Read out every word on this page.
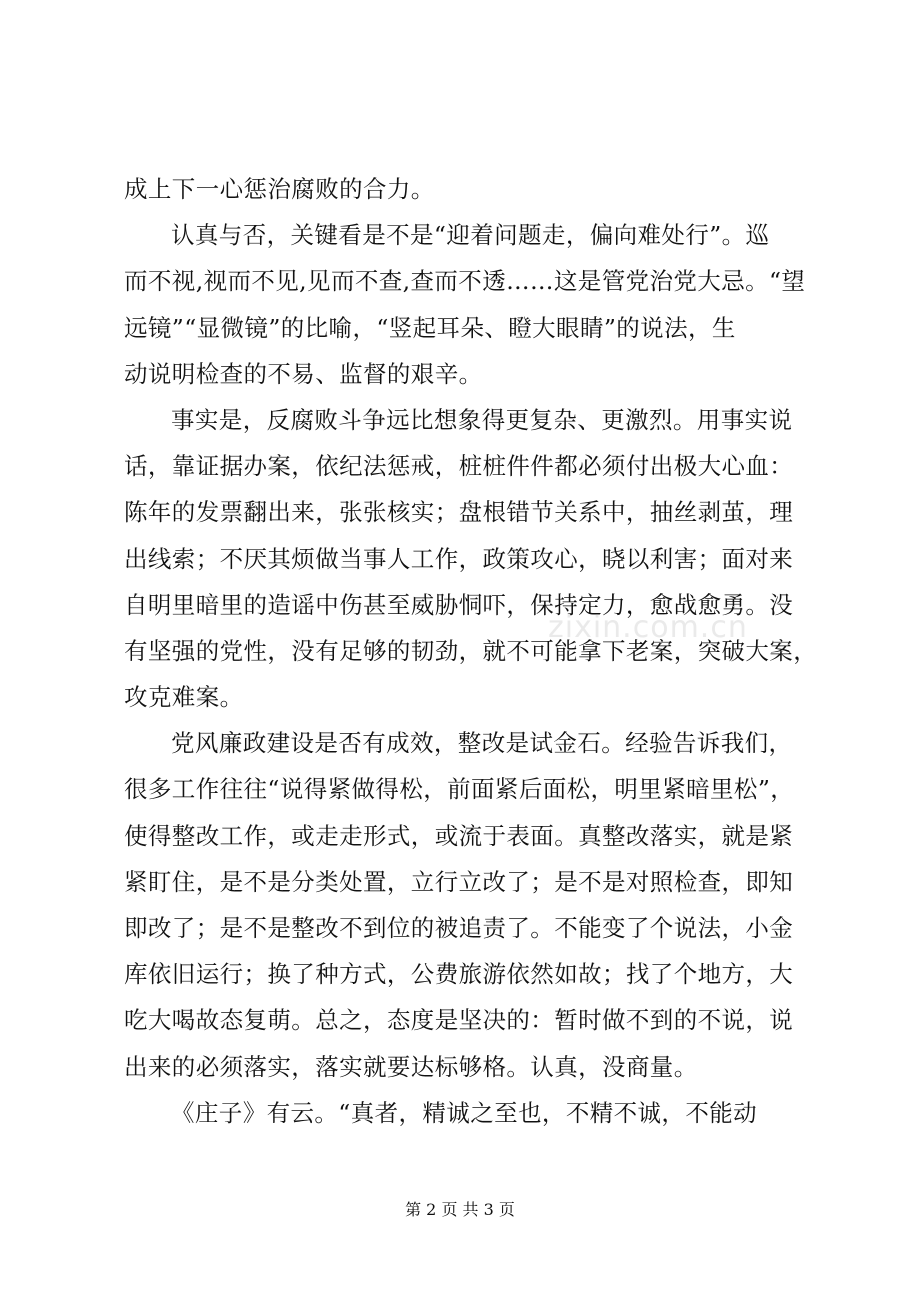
成上下一心惩治腐败的合力。
认真与否，关键看是不是“迎着问题走，偏向难处行”。巡
而不视,视而不见,见而不查,查而不透……这是管党治党大忌。“望
远镜”“显微镜”的比喻，“竖起耳朵、瞪大眼睛”的说法，生
动说明检查的不易、监督的艰辛。
事实是，反腐败斗争远比想象得更复杂、更激烈。用事实说
话，靠证据办案，依纪法惩戒，桩桩件件都必须付出极大心血：
陈年的发票翻出来，张张核实；盘根错节关系中，抽丝剥茧，理
出线索；不厌其烦做当事人工作，政策攻心，晓以利害；面对来
自明里暗里的造谣中伤甚至威胁恫吓，保持定力，愈战愈勇。没
有坚强的党性，没有足够的韧劲，就不可能拿下老案，突破大案，
攻克难案。
党风廉政建设是否有成效，整改是试金石。经验告诉我们，
很多工作往往“说得紧做得松，前面紧后面松，明里紧暗里松”，
使得整改工作，或走走形式，或流于表面。真整改落实，就是紧
紧盯住，是不是分类处置，立行立改了；是不是对照检查，即知
即改了；是不是整改不到位的被追责了。不能变了个说法，小金
库依旧运行；换了种方式，公费旅游依然如故；找了个地方，大
吃大喝故态复萌。总之，态度是坚决的：暂时做不到的不说，说
出来的必须落实，落实就要达标够格。认真，没商量。
《庄子》有云。“真者，精诚之至也，不精不诚，不能动
zixin.com.cn
第 2 页 共 3 页
